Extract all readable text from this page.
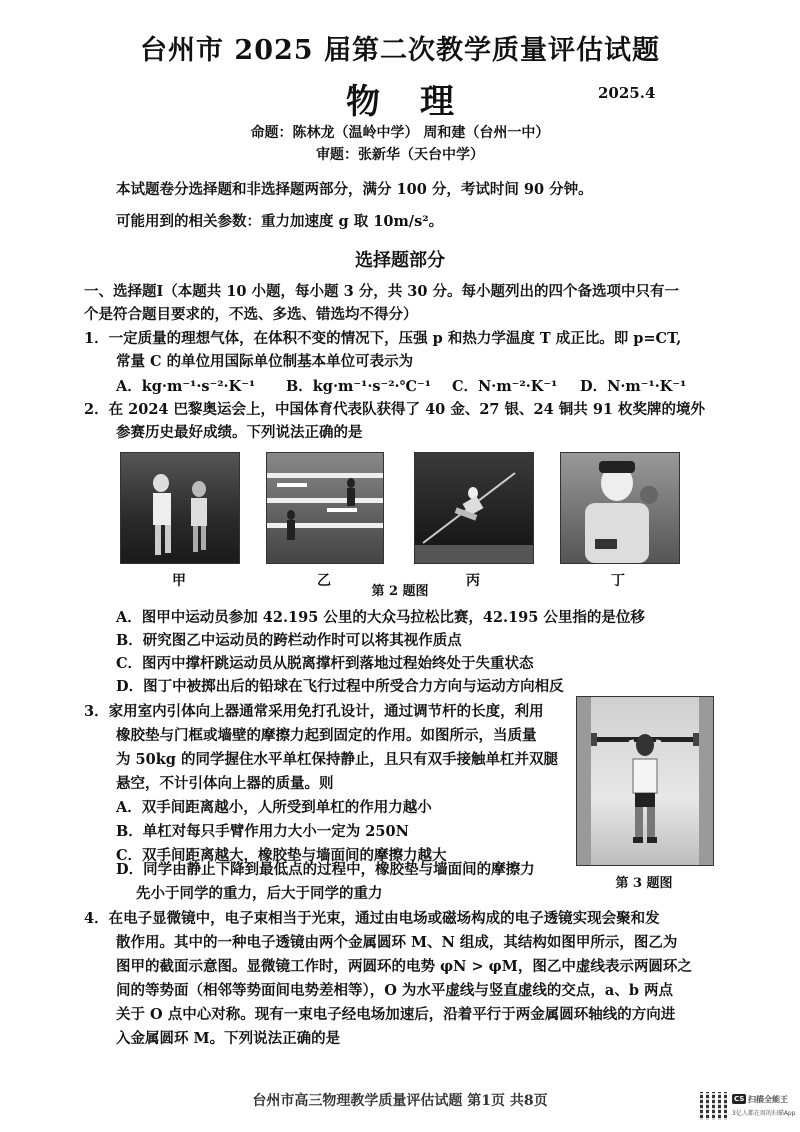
台州市 2025 届第二次教学质量评估试题
物理	2025.4
命题：陈林龙（温岭中学） 周和建（台州一中）
审题：张新华（天台中学）
本试题卷分选择题和非选择题两部分，满分 100 分，考试时间 90 分钟。
可能用到的相关参数：重力加速度 g 取 10m/s²。
选择题部分
一、选择题Ⅰ（本题共 10 小题，每小题 3 分，共 30 分。每小题列出的四个备选项中只有一
个是符合题目要求的，不选、多选、错选均不得分）
1．一定质量的理想气体，在体积不变的情况下，压强 p 和热力学温度 T 成正比。即 p=CT,
常量 C 的单位用国际单位制基本单位可表示为
A．kg·m⁻¹·s⁻²·K⁻¹ B．kg·m⁻¹·s⁻²·℃⁻¹ C．N·m⁻²·K⁻¹ D．N·m⁻¹·K⁻¹
2．在 2024 巴黎奥运会上，中国体育代表队获得了 40 金、27 银、24 铜共 91 枚奖牌的境外
参赛历史最好成绩。下列说法正确的是
甲	乙	丙	丁
第 2 题图
A．图甲中运动员参加 42.195 公里的大众马拉松比赛，42.195 公里指的是位移
B．研究图乙中运动员的跨栏动作时可以将其视作质点
C．图丙中撑杆跳运动员从脱离撑杆到落地过程始终处于失重状态
D．图丁中被掷出后的铅球在飞行过程中所受合力方向与运动方向相反
3．家用室内引体向上器通常采用免打孔设计，通过调节杆的长度，利用
橡胶垫与门框或墙壁的摩擦力起到固定的作用。如图所示，当质量
为 50kg 的同学握住水平单杠保持静止，且只有双手接触单杠并双腿
悬空，不计引体向上器的质量。则
A．双手间距离越小，人所受到单杠的作用力越小
B．单杠对每只手臂作用力大小一定为 250N
C．双手间距离越大，橡胶垫与墙面间的摩擦力越大
D．同学由静止下降到最低点的过程中，橡胶垫与墙面间的摩擦力
先小于同学的重力，后大于同学的重力
第 3 题图
4．在电子显微镜中，电子束相当于光束，通过由电场或磁场构成的电子透镜实现会聚和发
散作用。其中的一种电子透镜由两个金属圆环 M、N 组成，其结构如图甲所示，图乙为
图甲的截面示意图。显微镜工作时，两圆环的电势 φN > φM，图乙中虚线表示两圆环之
间的等势面（相邻等势面间电势差相等），O 为水平虚线与竖直虚线的交点，a、b 两点
关于 O 点中心对称。现有一束电子经电场加速后，沿着平行于两金属圆环轴线的方向进
入金属圆环 M。下列说法正确的是
台州市高三物理教学质量评估试题 第1页 共8页	CS 扫描全能王
3亿人都在用的扫描App
